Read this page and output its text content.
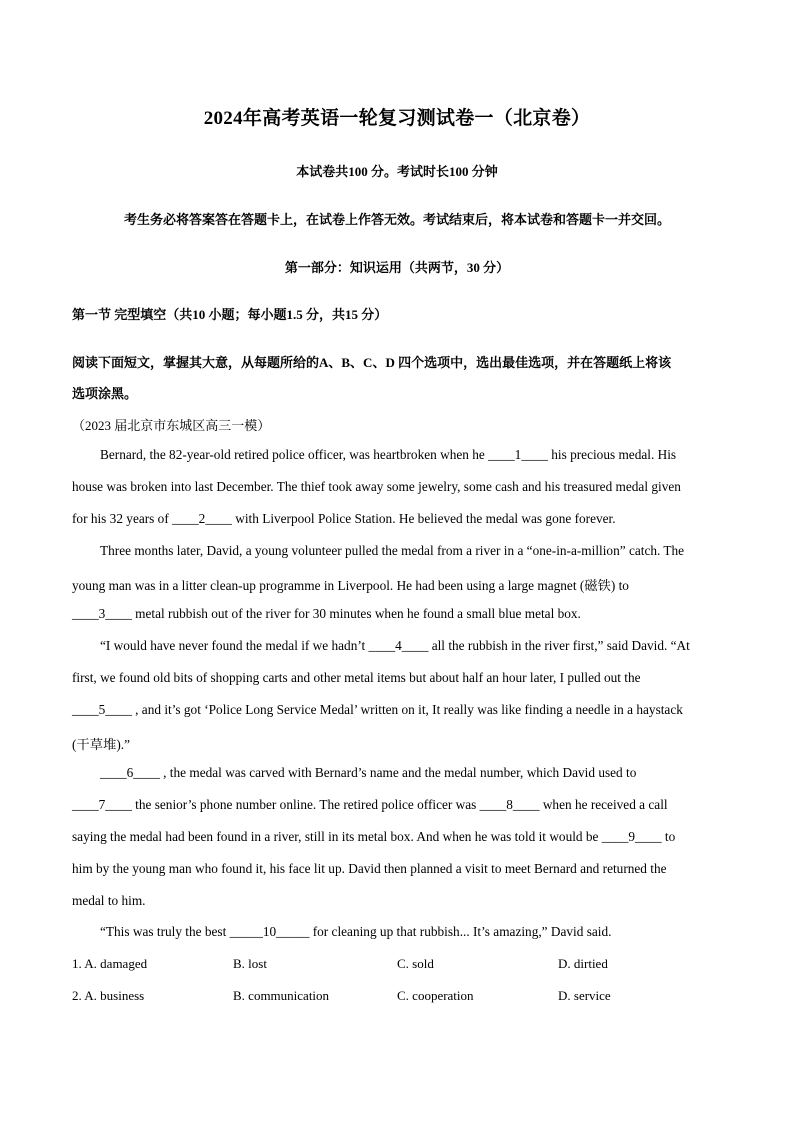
2024年高考英语一轮复习测试卷一（北京卷）
本试卷共100 分。考试时长100 分钟
考生务必将答案答在答题卡上，在试卷上作答无效。考试结束后，将本试卷和答题卡一并交回。
第一部分：知识运用（共两节，30 分）
第一节 完型填空（共10 小题；每小题1.5 分，共15 分）
阅读下面短文，掌握其大意，从每题所给的A、B、C、D 四个选项中，选出最佳选项，并在答题纸上将该
选项涂黑。
（2023 届北京市东城区高三一模）
Bernard, the 82-year-old retired police officer, was heartbroken when he ____1____ his precious medal. His
house was broken into last December. The thief took away some jewelry, some cash and his treasured medal given
for his 32 years of ____2____ with Liverpool Police Station. He believed the medal was gone forever.
Three months later, David, a young volunteer pulled the medal from a river in a “one-in-a-million” catch. The
young man was in a litter clean-up programme in Liverpool. He had been using a large magnet (磁铁) to
____3____ metal rubbish out of the river for 30 minutes when he found a small blue metal box.
“I would have never found the medal if we hadn’t ____4____ all the rubbish in the river first,” said David. “At
first, we found old bits of shopping carts and other metal items but about half an hour later, I pulled out the
____5____ , and it’s got ‘Police Long Service Medal’ written on it, It really was like finding a needle in a haystack
(干草堆).”
____6____ , the medal was carved with Bernard’s name and the medal number, which David used to
____7____ the senior’s phone number online. The retired police officer was ____8____ when he received a call
saying the medal had been found in a river, still in its metal box. And when he was told it would be ____9____ to
him by the young man who found it, his face lit up. David then planned a visit to meet Bernard and returned the
medal to him.
“This was truly the best _____10_____ for cleaning up that rubbish... It’s amazing,” David said.
1. A. damaged	B. lost	C. sold	D. dirtied
2. A. business	B. communication	C. cooperation	D. service
